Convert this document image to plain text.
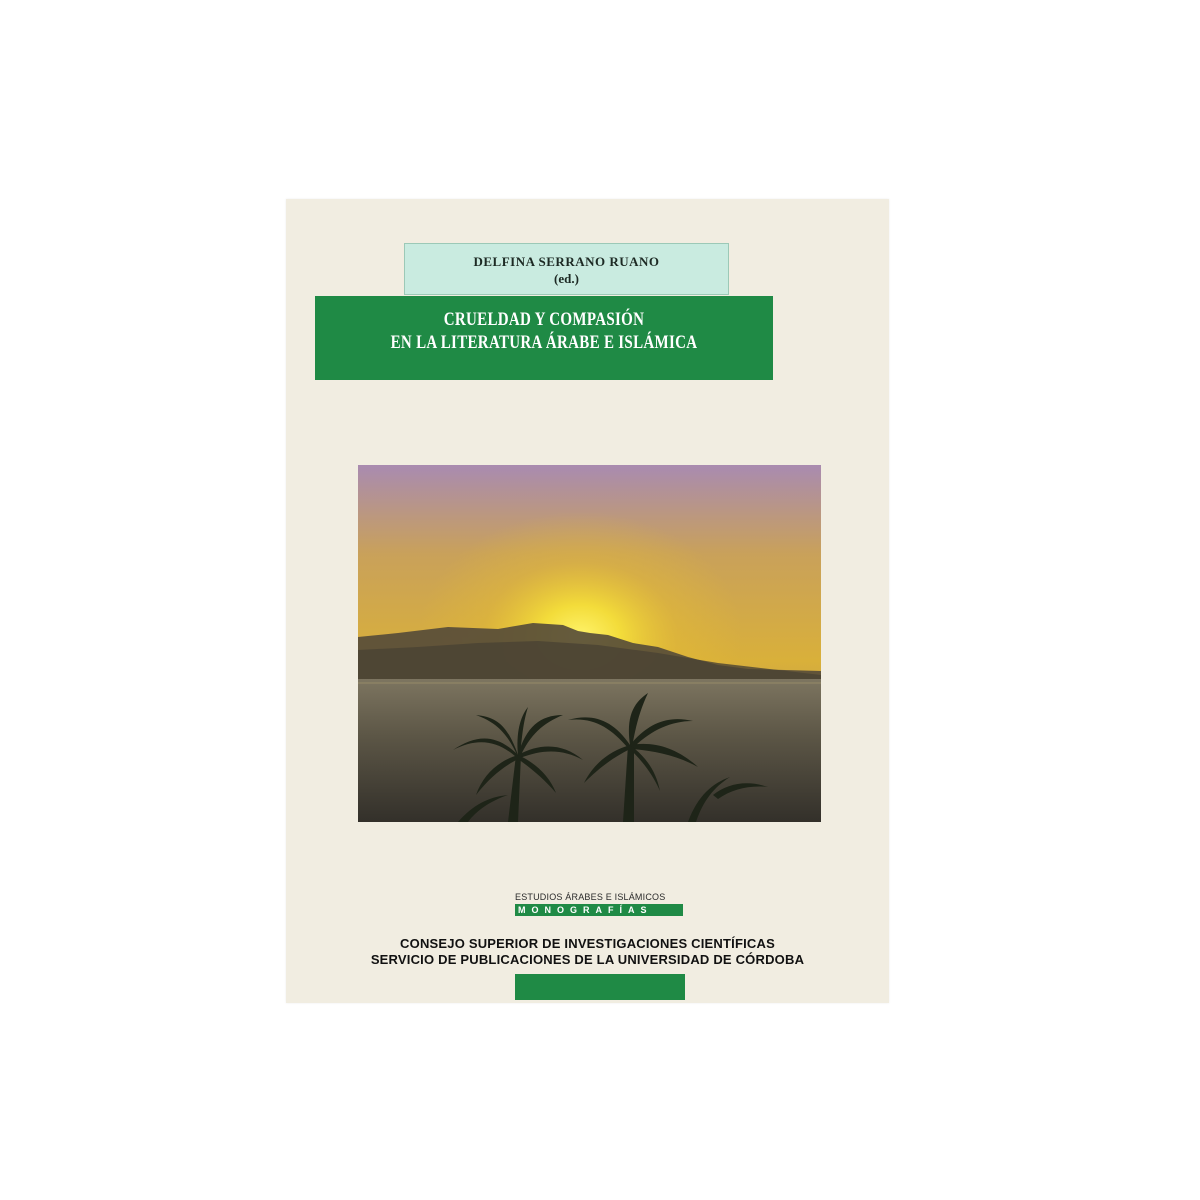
DELFINA SERRANO RUANO
(ed.)
CRUELDAD Y COMPASIÓN
EN LA LITERATURA ÁRABE E ISLÁMICA
ESTUDIOS ÁRABES E ISLÁMICOS
MONOGRAFÍAS
CONSEJO SUPERIOR DE INVESTIGACIONES CIENTÍFICAS
SERVICIO DE PUBLICACIONES DE LA UNIVERSIDAD DE CÓRDOBA
